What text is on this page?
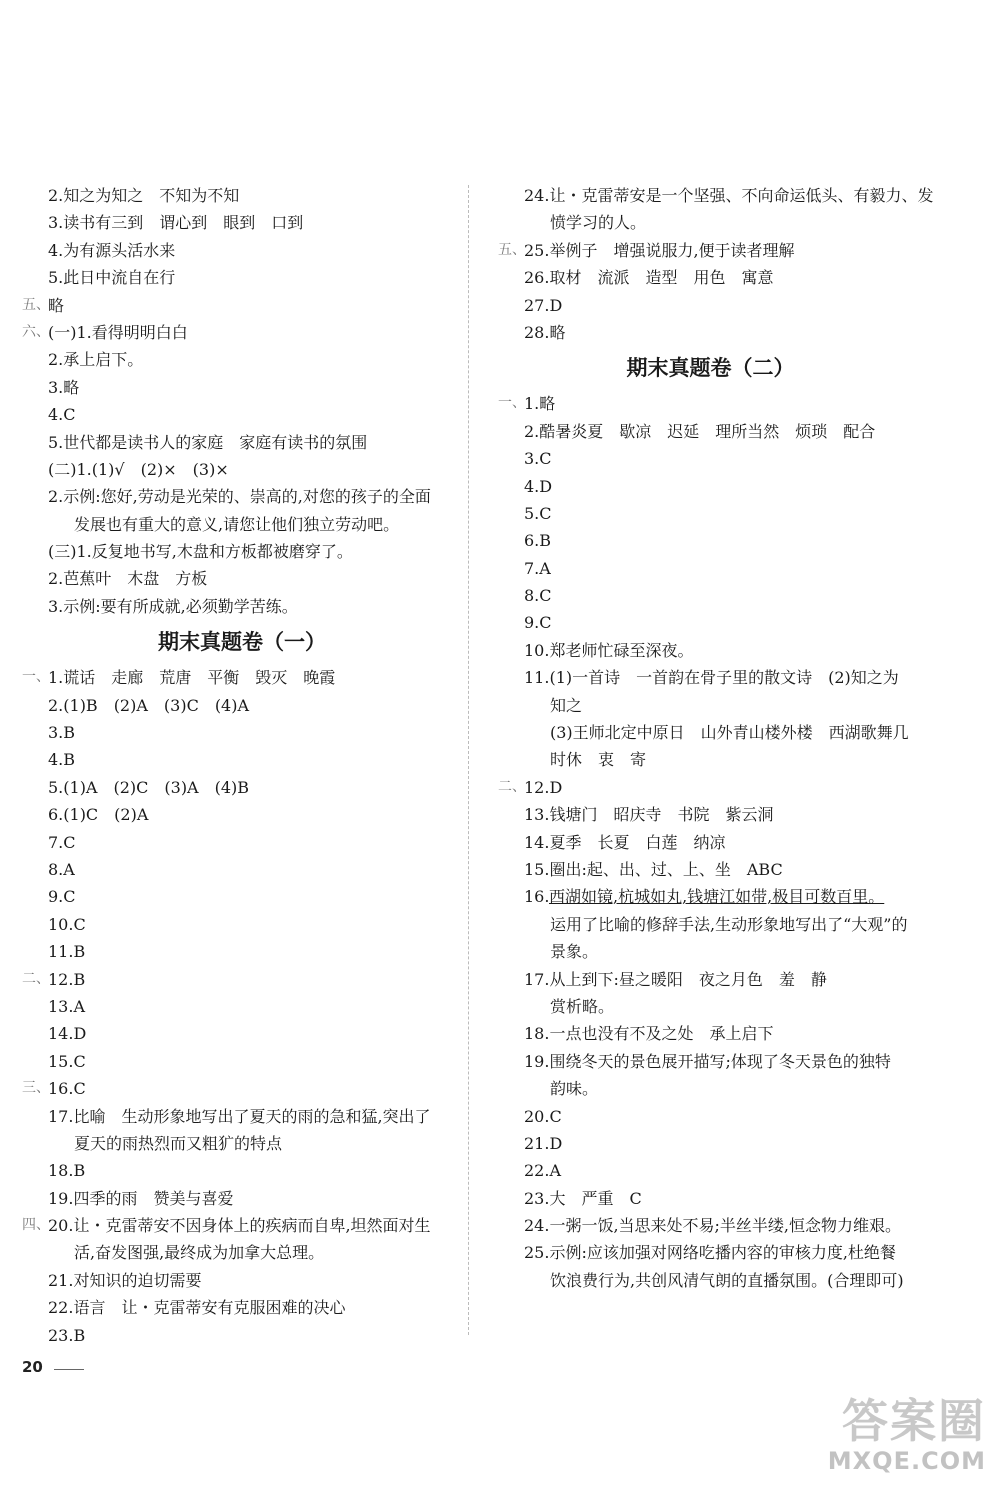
2.知之为知之　不知为不知
3.读书有三到　谓心到　眼到　口到
4.为有源头活水来
5.此日中流自在行
五、
略
六、
(一)1.看得明明白白
2.承上启下。
3.略
4.C
5.世代都是读书人的家庭　家庭有读书的氛围
(二)1.(1)√　(2)×　(3)×
2.示例:您好,劳动是光荣的、崇高的,对您的孩子的全面
发展也有重大的意义,请您让他们独立劳动吧。
(三)1.反复地书写,木盘和方板都被磨穿了。
2.芭蕉叶　木盘　方板
3.示例:要有所成就,必须勤学苦练。
期末真题卷（一）
一、
1.谎话　走廊　荒唐　平衡　毁灭　晚霞
2.(1)B　(2)A　(3)C　(4)A
3.B
4.B
5.(1)A　(2)C　(3)A　(4)B
6.(1)C　(2)A
7.C
8.A
9.C
10.C
11.B
二、
12.B
13.A
14.D
15.C
三、
16.C
17.比喻　生动形象地写出了夏天的雨的急和猛,突出了
夏天的雨热烈而又粗犷的特点
18.B
19.四季的雨　赞美与喜爱
四、
20.让・克雷蒂安不因身体上的疾病而自卑,坦然面对生
活,奋发图强,最终成为加拿大总理。
21.对知识的迫切需要
22.语言　让・克雷蒂安有克服困难的决心
23.B
24.让・克雷蒂安是一个坚强、不向命运低头、有毅力、发
愤学习的人。
五、
25.举例子　增强说服力,便于读者理解
26.取材　流派　造型　用色　寓意
27.D
28.略
期末真题卷（二）
一、
1.略
2.酷暑炎夏　歇凉　迟延　理所当然　烦琐　配合
3.C
4.D
5.C
6.B
7.A
8.C
9.C
10.郑老师忙碌至深夜。
11.(1)一首诗　一首韵在骨子里的散文诗　(2)知之为
知之
(3)王师北定中原日　山外青山楼外楼　西湖歌舞几
时休　衷　寄
二、
12.D
13.钱塘门　昭庆寺　书院　紫云洞
14.夏季　长夏　白莲　纳凉
15.圈出:起、出、过、上、坐　ABC
16. 西湖如镜,杭城如丸,钱塘江如带,极目可数百里。
运用了比喻的修辞手法,生动形象地写出了“大观”的
景象。
17.从上到下:昼之暖阳　夜之月色　羞　静
赏析略。
18.一点也没有不及之处　承上启下
19.围绕冬天的景色展开描写;体现了冬天景色的独特
韵味。
20.C
21.D
22.A
23.大　严重　C
24.一粥一饭,当思来处不易;半丝半缕,恒念物力维艰。
25.示例:应该加强对网络吃播内容的审核力度,杜绝餐
饮浪费行为,共创风清气朗的直播氛围。(合理即可)
20
答案圈
MXQE.COM
